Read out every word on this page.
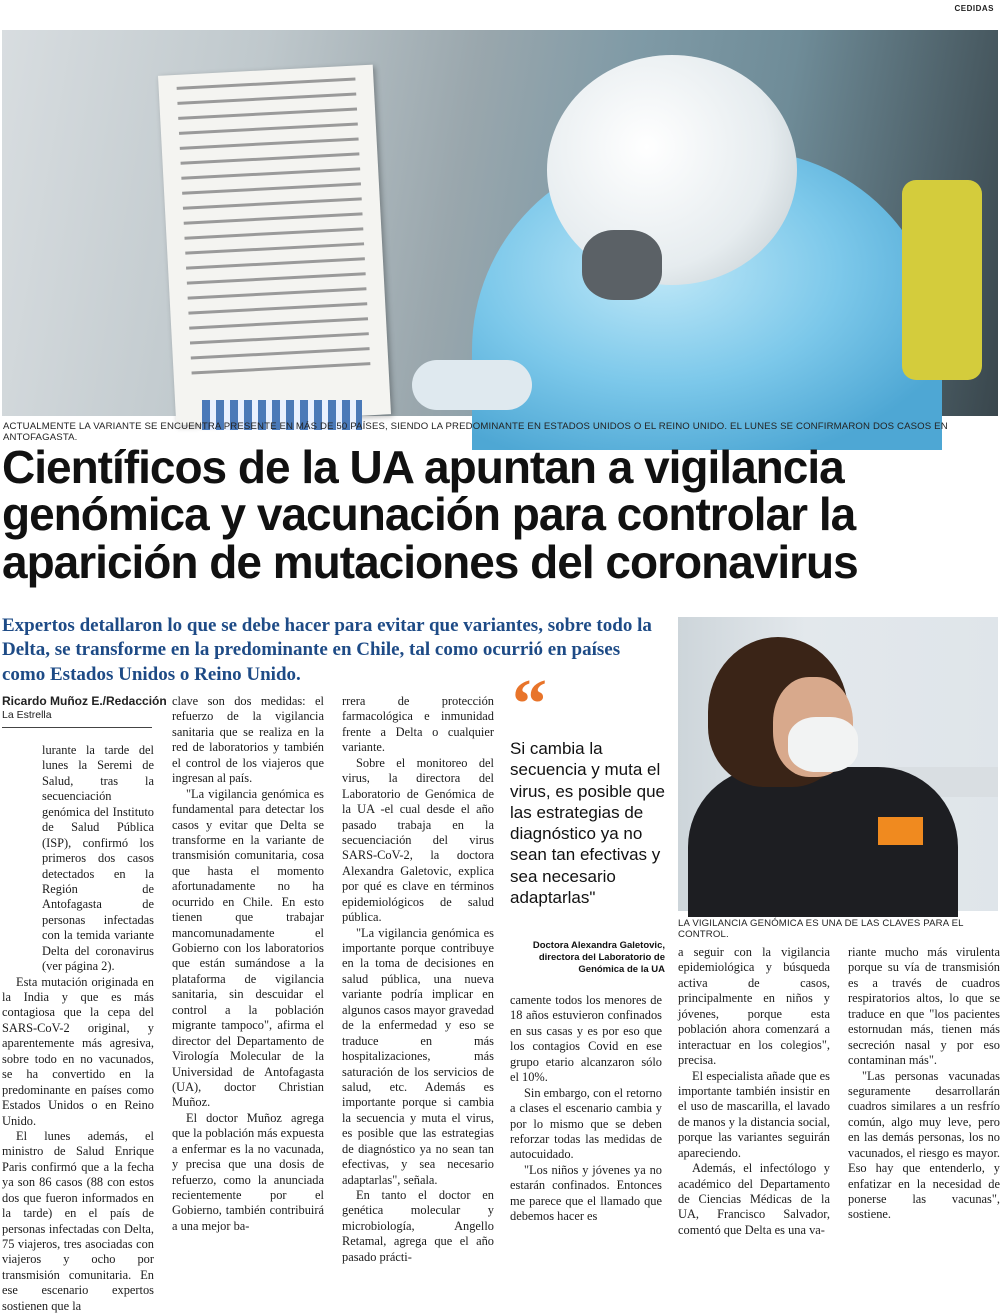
CEDIDAS
ACTUALMENTE LA VARIANTE SE ENCUENTRA PRESENTE EN MÁS DE 50 PAÍSES, SIENDO LA PREDOMINANTE EN ESTADOS UNIDOS O EL REINO UNIDO. EL LUNES SE CONFIRMARON DOS CASOS EN ANTOFAGASTA.
Científicos de la UA apuntan a vigilancia genómica y vacunación para controlar la aparición de mutaciones del coronavirus
Expertos detallaron lo que se debe hacer para evitar que variantes, sobre todo la Delta, se transforme en la predominante en Chile, tal como ocurrió en países como Estados Unidos o Reino Unido.
Ricardo Muñoz E./Redacción
La Estrella

lurante la tarde del lunes la Seremi de Salud, tras la secuenciación genómica del Instituto de Salud Pública (ISP), confirmó los primeros dos casos detectados en la Región de Antofagasta de personas infectadas con la temida variante Delta del coronavirus (ver página 2).

Esta mutación originada en la India y que es más contagiosa que la cepa del SARS-CoV-2 original, y aparentemente más agresiva, sobre todo en no vacunados, se ha convertido en la predominante en países como Estados Unidos o en Reino Unido.

El lunes además, el ministro de Salud Enrique Paris confirmó que a la fecha ya son 86 casos (88 con estos dos que fueron informados en la tarde) en el país de personas infectadas con Delta, 75 viajeros, tres asociadas con viajeros y ocho por transmisión comunitaria. En ese escenario expertos sostienen que la

clave son dos medidas: el refuerzo de la vigilancia sanitaria que se realiza en la red de laboratorios y también el control de los viajeros que ingresan al país.

"La vigilancia genómica es fundamental para detectar los casos y evitar que Delta se transforme en la variante de transmisión comunitaria, cosa que hasta el momento afortunadamente no ha ocurrido en Chile. En esto tienen que trabajar mancomunadamente el Gobierno con los laboratorios que están sumándose a la plataforma de vigilancia sanitaria, sin descuidar el control a la población migrante tampoco", afirma el director del Departamento de Virología Molecular de la Universidad de Antofagasta (UA), doctor Christian Muñoz.

El doctor Muñoz agrega que la población más expuesta a enfermar es la no vacunada, y precisa que una dosis de refuerzo, como la anunciada recientemente por el Gobierno, también contribuirá a una mejor ba-

rrera de protección farmacológica e inmunidad frente a Delta o cualquier variante.

Sobre el monitoreo del virus, la directora del Laboratorio de Genómica de la UA -el cual desde el año pasado trabaja en la secuenciación del virus SARS-CoV-2, la doctora Alexandra Galetovic, explica por qué es clave en términos epidemiológicos de salud pública.

"La vigilancia genómica es importante porque contribuye en la toma de decisiones en salud pública, una nueva variante podría implicar en algunos casos mayor gravedad de la enfermedad y eso se traduce en más hospitalizaciones, más saturación de los servicios de salud, etc. Además es importante porque si cambia la secuencia y muta el virus, es posible que las estrategias de diagnóstico ya no sean tan efectivas, y sea necesario adaptarlas", señala.

En tanto el doctor en genética molecular y microbiología, Angello Retamal, agrega que el año pasado prácti-

“
Si cambia la secuencia y muta el virus, es posible que las estrategias de diagnóstico ya no sean tan efectivas y sea necesario adaptarlas"
Doctora Alexandra Galetovic,
directora del Laboratorio de Genómica de la UA

camente todos los menores de 18 años estuvieron confinados en sus casas y es por eso que los contagios Covid en ese grupo etario alcanzaron sólo el 10%.

Sin embargo, con el retorno a clases el escenario cambia y por lo mismo que se deben reforzar todas las medidas de autocuidado.

"Los niños y jóvenes ya no estarán confinados. Entonces me parece que el llamado que debemos hacer es

LA VIGILANCIA GENÓMICA ES UNA DE LAS CLAVES PARA EL CONTROL.

a seguir con la vigilancia epidemiológica y búsqueda activa de casos, principalmente en niños y jóvenes, porque esta población ahora comenzará a interactuar en los colegios", precisa.

El especialista añade que es importante también insistir en el uso de mascarilla, el lavado de manos y la distancia social, porque las variantes seguirán apareciendo.

Además, el infectólogo y académico del Departamento de Ciencias Médicas de la UA, Francisco Salvador, comentó que Delta es una va-

riante mucho más virulenta porque su vía de transmisión es a través de cuadros respiratorios altos, lo que se traduce en que "los pacientes estornudan más, tienen más secreción nasal y por eso contaminan más".

"Las personas vacunadas seguramente desarrollarán cuadros similares a un resfrío común, algo muy leve, pero en las demás personas, los no vacunados, el riesgo es mayor. Eso hay que entenderlo, y enfatizar en la necesidad de ponerse las vacunas", sostiene.
